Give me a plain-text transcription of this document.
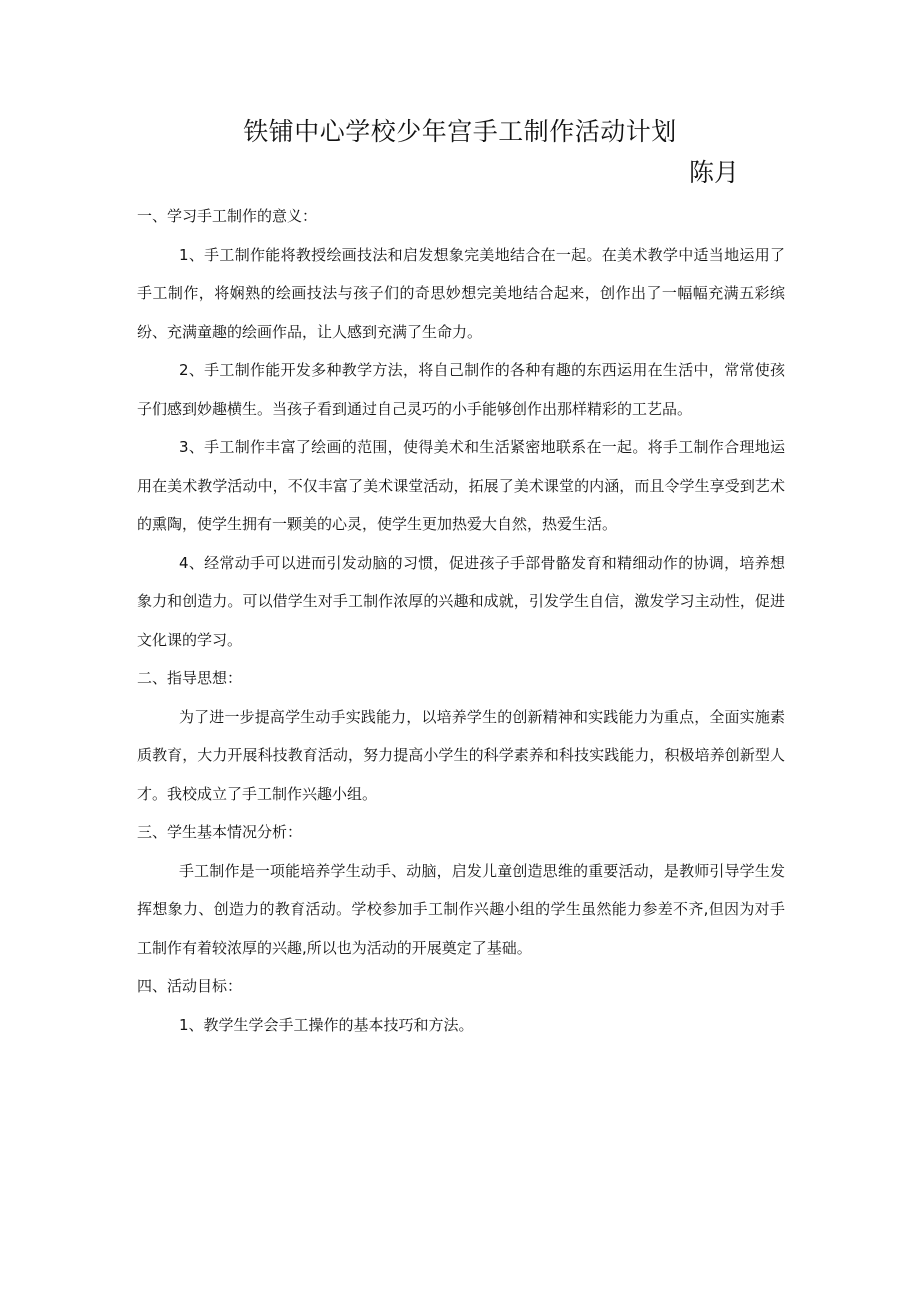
铁铺中心学校少年宫手工制作活动计划
陈月

一、学习手工制作的意义：

1、手工制作能将教授绘画技法和启发想象完美地结合在一起。在美术教学中适当地运用了手工制作，将娴熟的绘画技法与孩子们的奇思妙想完美地结合起来，创作出了一幅幅充满五彩缤纷、充满童趣的绘画作品，让人感到充满了生命力。

2、手工制作能开发多种教学方法，将自己制作的各种有趣的东西运用在生活中，常常使孩子们感到妙趣横生。当孩子看到通过自己灵巧的小手能够创作出那样精彩的工艺品。

3、手工制作丰富了绘画的范围，使得美术和生活紧密地联系在一起。将手工制作合理地运用在美术教学活动中，不仅丰富了美术课堂活动，拓展了美术课堂的内涵，而且令学生享受到艺术的熏陶，使学生拥有一颗美的心灵，使学生更加热爱大自然，热爱生活。

4、经常动手可以进而引发动脑的习惯，促进孩子手部骨骼发育和精细动作的协调，培养想象力和创造力。可以借学生对手工制作浓厚的兴趣和成就，引发学生自信，激发学习主动性，促进文化课的学习。

二、指导思想：

为了进一步提高学生动手实践能力，以培养学生的创新精神和实践能力为重点，全面实施素质教育，大力开展科技教育活动，努力提高小学生的科学素养和科技实践能力，积极培养创新型人才。我校成立了手工制作兴趣小组。

三、学生基本情况分析：

手工制作是一项能培养学生动手、动脑，启发儿童创造思维的重要活动，是教师引导学生发挥想象力、创造力的教育活动。学校参加手工制作兴趣小组的学生虽然能力参差不齐,但因为对手工制作有着较浓厚的兴趣,所以也为活动的开展奠定了基础。

四、活动目标：

1、教学生学会手工操作的基本技巧和方法。
